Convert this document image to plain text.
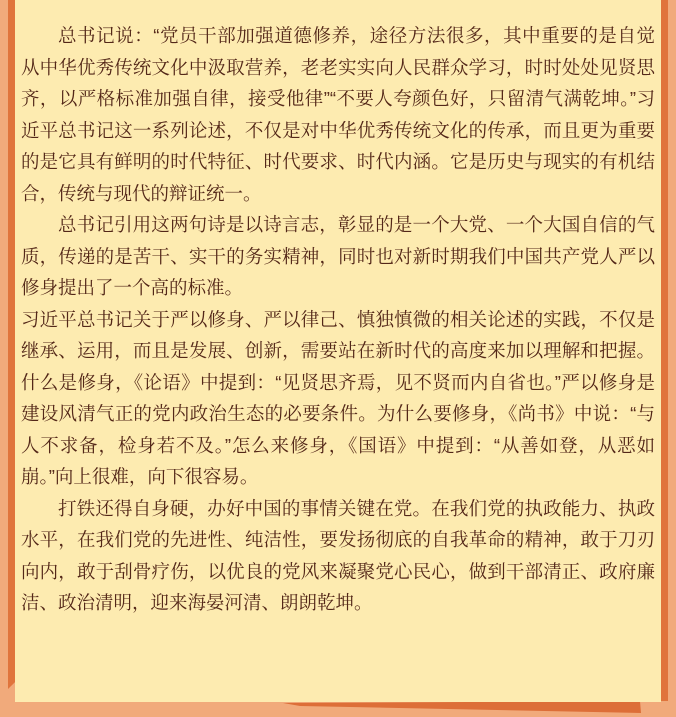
总书记说：“党员干部加强道德修养，途径方法很多，其中重要的是自觉从中华优秀传统文化中汲取营养，老老实实向人民群众学习，时时处处见贤思齐，以严格标准加强自律，接受他律”“不要人夸颜色好，只留清气满乾坤。”习近平总书记这一系列论述，不仅是对中华优秀传统文化的传承，而且更为重要的是它具有鲜明的时代特征、时代要求、时代内涵。它是历史与现实的有机结合，传统与现代的辩证统一。

总书记引用这两句诗是以诗言志，彰显的是一个大党、一个大国自信的气质，传递的是苦干、实干的务实精神，同时也对新时期我们中国共产党人严以修身提出了一个高的标准。

习近平总书记关于严以修身、严以律己、慎独慎微的相关论述的实践，不仅是继承、运用，而且是发展、创新，需要站在新时代的高度来加以理解和把握。什么是修身，《论语》中提到：“见贤思齐焉，见不贤而内自省也。”严以修身是建设风清气正的党内政治生态的必要条件。为什么要修身，《尚书》中说：“与人不求备，检身若不及。”怎么来修身，《国语》中提到：“从善如登，从恶如崩。”向上很难，向下很容易。

打铁还得自身硬，办好中国的事情关键在党。在我们党的执政能力、执政水平，在我们党的先进性、纯洁性，要发扬彻底的自我革命的精神，敢于刀刃向内，敢于刮骨疗伤，以优良的党风来凝聚党心民心，做到干部清正、政府廉洁、政治清明，迎来海晏河清、朗朗乾坤。
